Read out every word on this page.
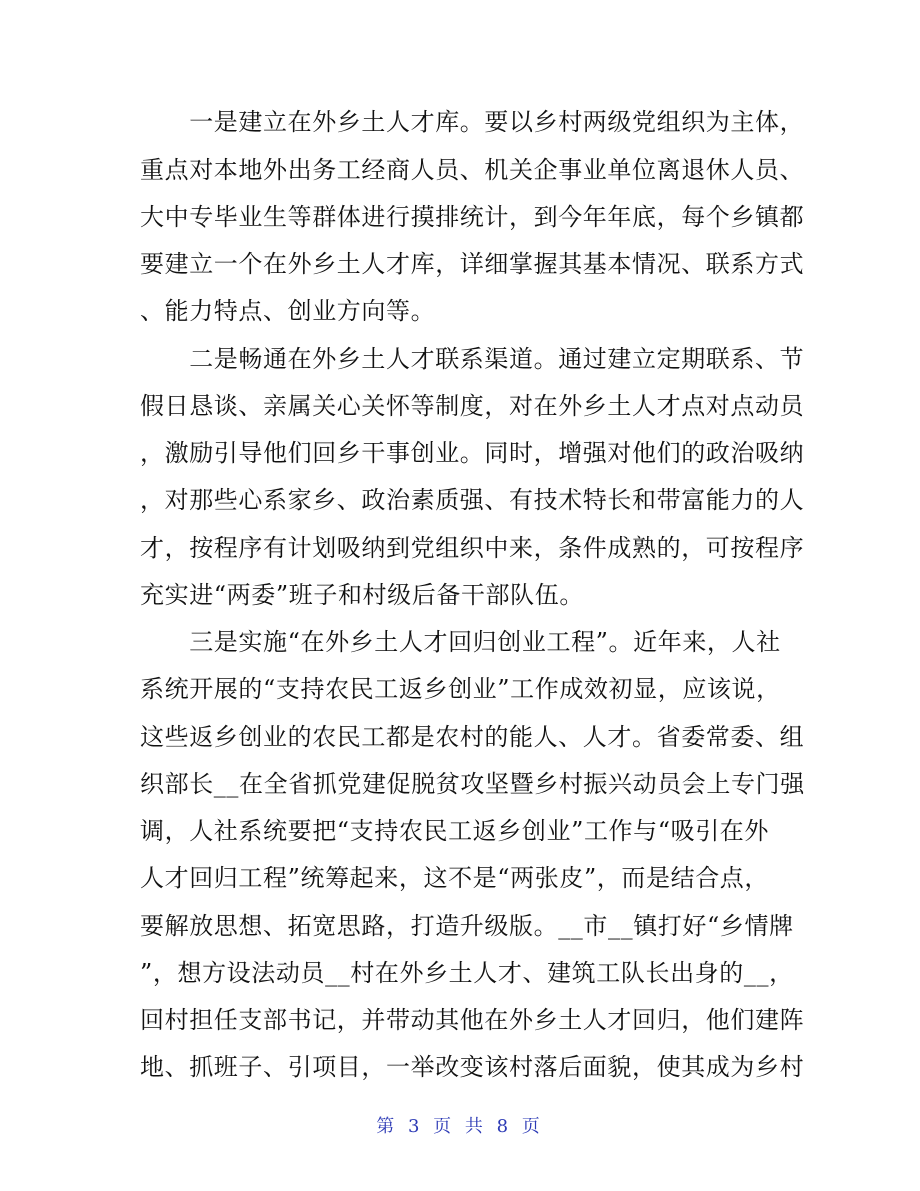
　　一是建立在外乡土人才库。要以乡村两级党组织为主体，
重点对本地外出务工经商人员、机关企事业单位离退休人员、
大中专毕业生等群体进行摸排统计，到今年年底，每个乡镇都
要建立一个在外乡土人才库，详细掌握其基本情况、联系方式
、能力特点、创业方向等。
　　二是畅通在外乡土人才联系渠道。通过建立定期联系、节
假日恳谈、亲属关心关怀等制度，对在外乡土人才点对点动员
，激励引导他们回乡干事创业。同时，增强对他们的政治吸纳
，对那些心系家乡、政治素质强、有技术特长和带富能力的人
才，按程序有计划吸纳到党组织中来，条件成熟的，可按程序
充实进“两委”班子和村级后备干部队伍。
　　三是实施“在外乡土人才回归创业工程”。近年来，人社
系统开展的“支持农民工返乡创业”工作成效初显，应该说，
这些返乡创业的农民工都是农村的能人、人才。省委常委、组
织部长__在全省抓党建促脱贫攻坚暨乡村振兴动员会上专门强
调，人社系统要把“支持农民工返乡创业”工作与“吸引在外
人才回归工程”统筹起来，这不是“两张皮”，而是结合点，
要解放思想、拓宽思路，打造升级版。__市__镇打好“乡情牌
”，想方设法动员__村在外乡土人才、建筑工队长出身的__，
回村担任支部书记，并带动其他在外乡土人才回归，他们建阵
地、抓班子、引项目，一举改变该村落后面貌，使其成为乡村
第 3 页 共 8 页
